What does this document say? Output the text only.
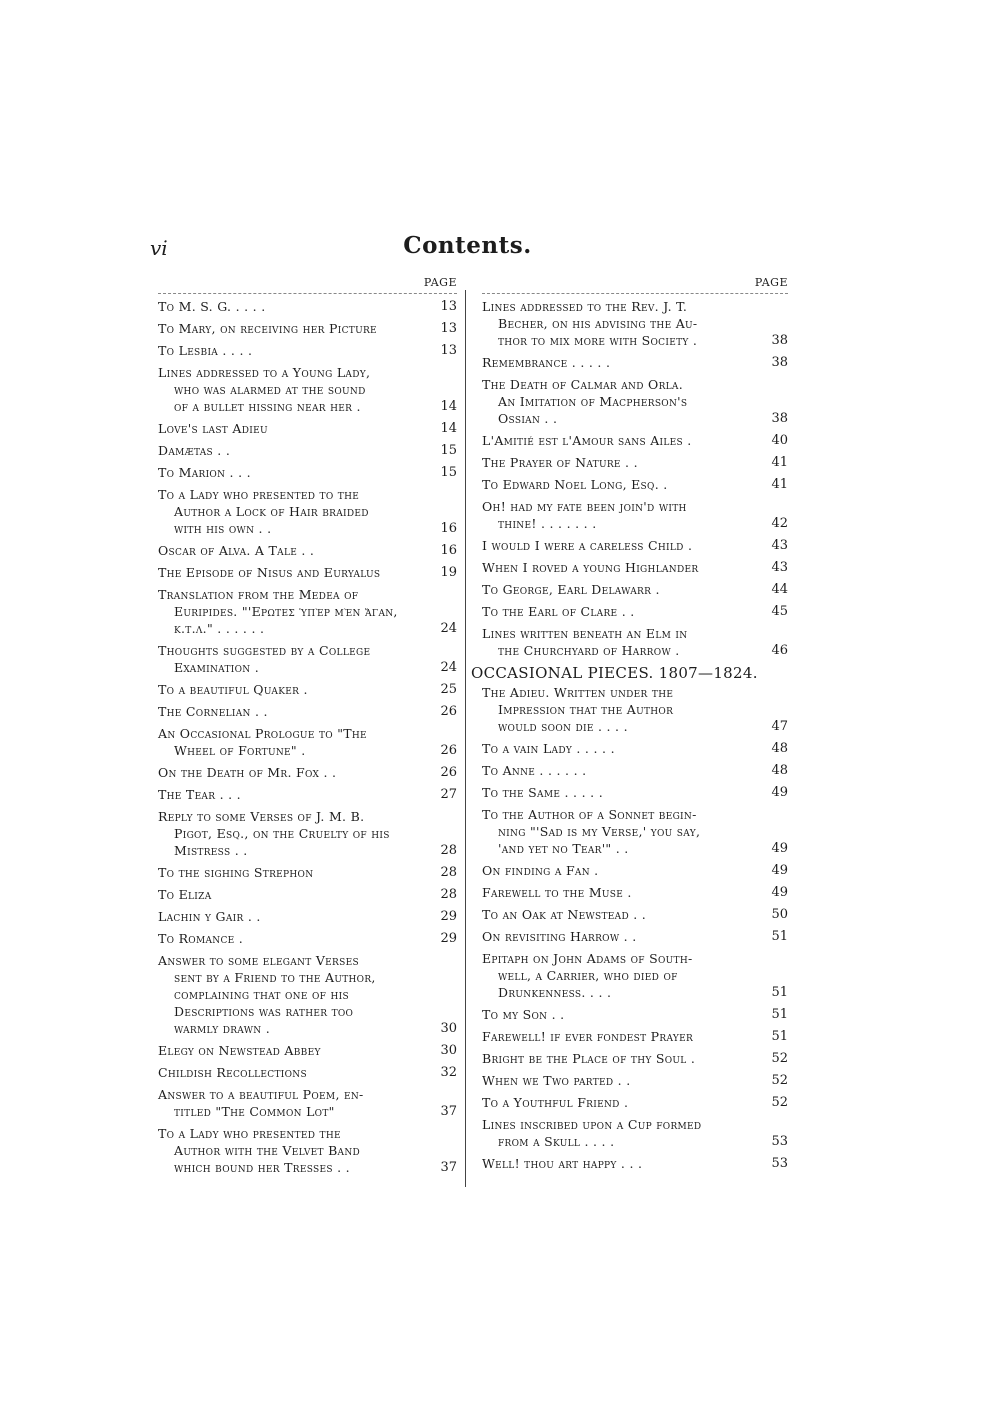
vi	Contents.
PAGE
To M. S. G. . . . .	13
To Mary, on receiving her Picture	13
To Lesbia . . . .	13
Lines addressed to a Young Lady,
who was alarmed at the sound
of a bullet hissing near her .	14
Love's last Adieu	14
Damætas . .	15
To Marion . . .	15
To a Lady who presented to the
Author a Lock of Hair braided
with his own . .	16
Oscar of Alva. A Tale . .	16
The Episode of Nisus and Euryalus	19
Translation from the Medea of
Euripides. "'Ερωτες ὑπὲρ μὲν ἄγαν,
κ.τ.λ." . . . . . .	24
Thoughts suggested by a College
Examination .	24
To a beautiful Quaker .	25
The Cornelian . .	26
An Occasional Prologue to "The
Wheel of Fortune" .	26
On the Death of Mr. Fox . .	26
The Tear . . .	27
Reply to some Verses of J. M. B.
Pigot, Esq., on the Cruelty of his
Mistress . .	28
To the sighing Strephon	28
To Eliza	28
Lachin y Gair . .	29
To Romance .	29
Answer to some elegant Verses
sent by a Friend to the Author,
complaining that one of his
Descriptions was rather too
warmly drawn .	30
Elegy on Newstead Abbey	30
Childish Recollections	32
Answer to a beautiful Poem, en-
titled "The Common Lot"	37
To a Lady who presented the
Author with the Velvet Band
which bound her Tresses . .	37
PAGE
Lines addressed to the Rev. J. T.
Becher, on his advising the Au-
thor to mix more with Society .	38
Remembrance . . . . .	38
The Death of Calmar and Orla.
An Imitation of Macpherson's
Ossian . .	38
L'Amitié est l'Amour sans Ailes .	40
The Prayer of Nature . .	41
To Edward Noel Long, Esq. .	41
Oh! had my fate been join'd with
thine! . . . . . . .	42
I would I were a careless Child .	43
When I roved a young Highlander	43
To George, Earl Delawarr .	44
To the Earl of Clare . .	45
Lines written beneath an Elm in
the Churchyard of Harrow .	46
OCCASIONAL PIECES. 1807—1824.
The Adieu. Written under the
Impression that the Author
would soon die . . . .	47
To a vain Lady . . . . .	48
To Anne . . . . . .	48
To the Same . . . . .	49
To the Author of a Sonnet begin-
ning "'Sad is my Verse,' you say,
'and yet no Tear'" . .	49
On finding a Fan .	49
Farewell to the Muse .	49
To an Oak at Newstead . .	50
On revisiting Harrow . .	51
Epitaph on John Adams of South-
well, a Carrier, who died of
Drunkenness. . . .	51
To my Son . .	51
Farewell! if ever fondest Prayer	51
Bright be the Place of thy Soul .	52
When we Two parted . .	52
To a Youthful Friend .	52
Lines inscribed upon a Cup formed
from a Skull . . . .	53
Well! thou art happy . . .	53
